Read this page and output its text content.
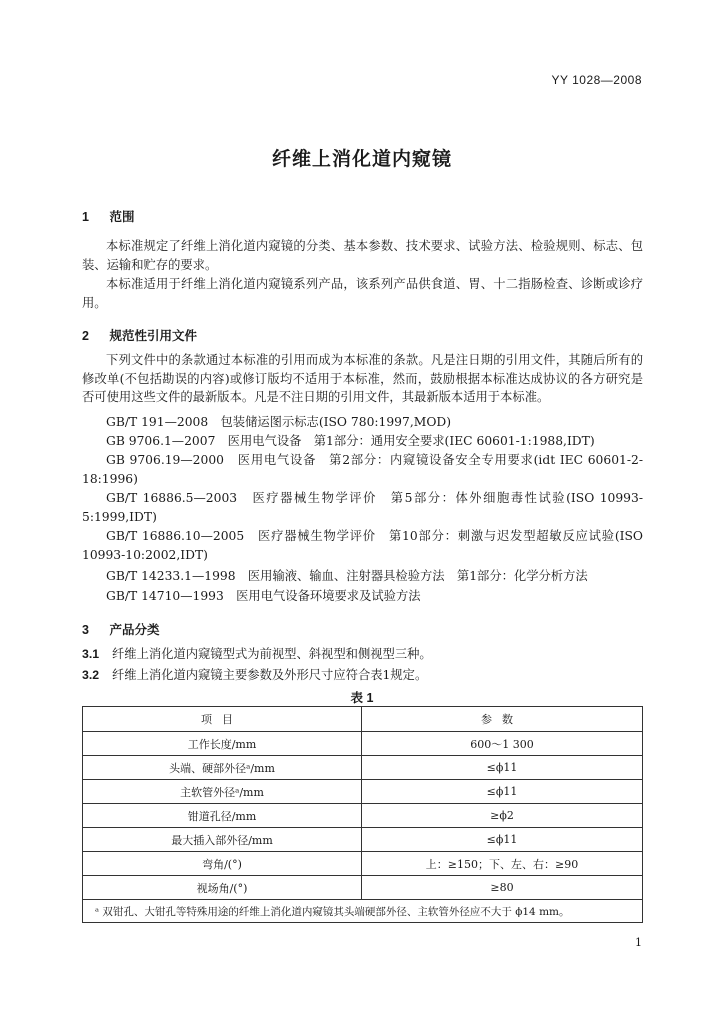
YY 1028—2008
纤维上消化道内窥镜
1 范围
本标准规定了纤维上消化道内窥镜的分类、基本参数、技术要求、试验方法、检验规则、标志、包装、运输和贮存的要求。
本标准适用于纤维上消化道内窥镜系列产品，该系列产品供食道、胃、十二指肠检查、诊断或诊疗用。
2 规范性引用文件
下列文件中的条款通过本标准的引用而成为本标准的条款。凡是注日期的引用文件，其随后所有的修改单(不包括勘误的内容)或修订版均不适用于本标准，然而，鼓励根据本标准达成协议的各方研究是否可使用这些文件的最新版本。凡是不注日期的引用文件，其最新版本适用于本标准。
GB/T 191—2008　包装储运图示标志(ISO 780:1997,MOD)
GB 9706.1—2007　医用电气设备　第1部分：通用安全要求(IEC 60601-1:1988,IDT)
GB 9706.19—2000　医用电气设备　第2部分：内窥镜设备安全专用要求(idt IEC 60601-2-18:1996)
GB/T 16886.5—2003　医疗器械生物学评价　第5部分：体外细胞毒性试验(ISO 10993-5:1999,IDT)
GB/T 16886.10—2005　医疗器械生物学评价　第10部分：刺激与迟发型超敏反应试验(ISO 10993-10:2002,IDT)
GB/T 14233.1—1998　医用输液、输血、注射器具检验方法　第1部分：化学分析方法
GB/T 14710—1993　医用电气设备环境要求及试验方法
3 产品分类
3.1 纤维上消化道内窥镜型式为前视型、斜视型和侧视型三种。
3.2 纤维上消化道内窥镜主要参数及外形尺寸应符合表1规定。
表 1
项目	参数
工作长度/mm	600～1 300
头端、硬部外径ᵃ/mm	≤ϕ11
主软管外径ᵃ/mm	≤ϕ11
钳道孔径/mm	≥ϕ2
最大插入部外径/mm	≤ϕ11
弯角/(°)	上：≥150；下、左、右：≥90
视场角/(°)	≥80
ᵃ 双钳孔、大钳孔等特殊用途的纤维上消化道内窥镜其头端硬部外径、主软管外径应不大于 ϕ14 mm。	
1
